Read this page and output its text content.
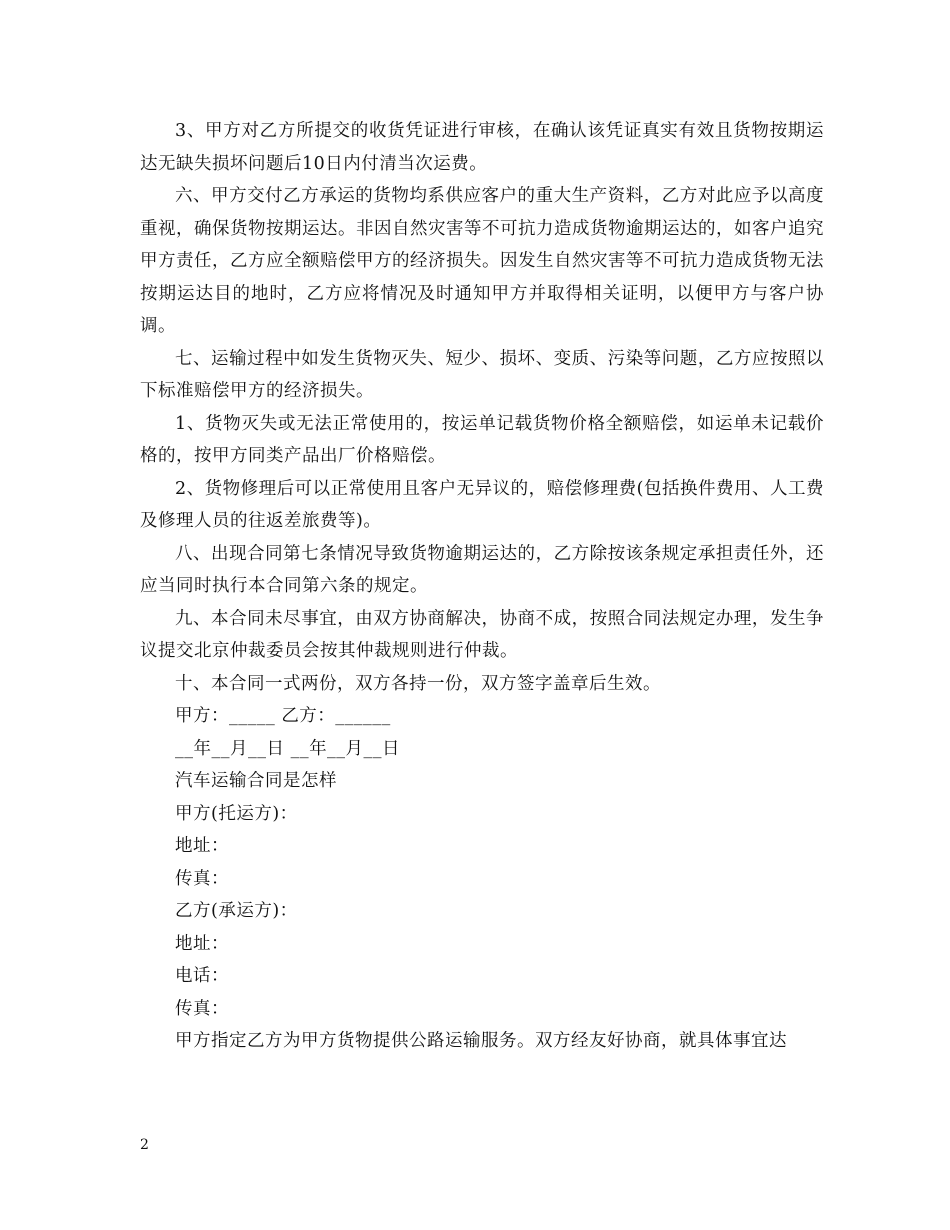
3、甲方对乙方所提交的收货凭证进行审核，在确认该凭证真实有效且货物按期运达无缺失损坏问题后10日内付清当次运费。

六、甲方交付乙方承运的货物均系供应客户的重大生产资料，乙方对此应予以高度重视，确保货物按期运达。非因自然灾害等不可抗力造成货物逾期运达的，如客户追究甲方责任，乙方应全额赔偿甲方的经济损失。因发生自然灾害等不可抗力造成货物无法按期运达目的地时，乙方应将情况及时通知甲方并取得相关证明，以便甲方与客户协调。

七、运输过程中如发生货物灭失、短少、损坏、变质、污染等问题，乙方应按照以下标准赔偿甲方的经济损失。

1、货物灭失或无法正常使用的，按运单记载货物价格全额赔偿，如运单未记载价格的，按甲方同类产品出厂价格赔偿。

2、货物修理后可以正常使用且客户无异议的，赔偿修理费(包括换件费用、人工费及修理人员的往返差旅费等)。

八、出现合同第七条情况导致货物逾期运达的，乙方除按该条规定承担责任外，还应当同时执行本合同第六条的规定。

九、本合同未尽事宜，由双方协商解决，协商不成，按照合同法规定办理，发生争议提交北京仲裁委员会按其仲裁规则进行仲裁。

十、本合同一式两份，双方各持一份，双方签字盖章后生效。

甲方：_____ 乙方：______
__年__月__日 __年__月__日
汽车运输合同是怎样
甲方(托运方)：
地址：
传真：
乙方(承运方)：
地址：
电话：
传真：

甲方指定乙方为甲方货物提供公路运输服务。双方经友好协商，就具体事宜达

2
